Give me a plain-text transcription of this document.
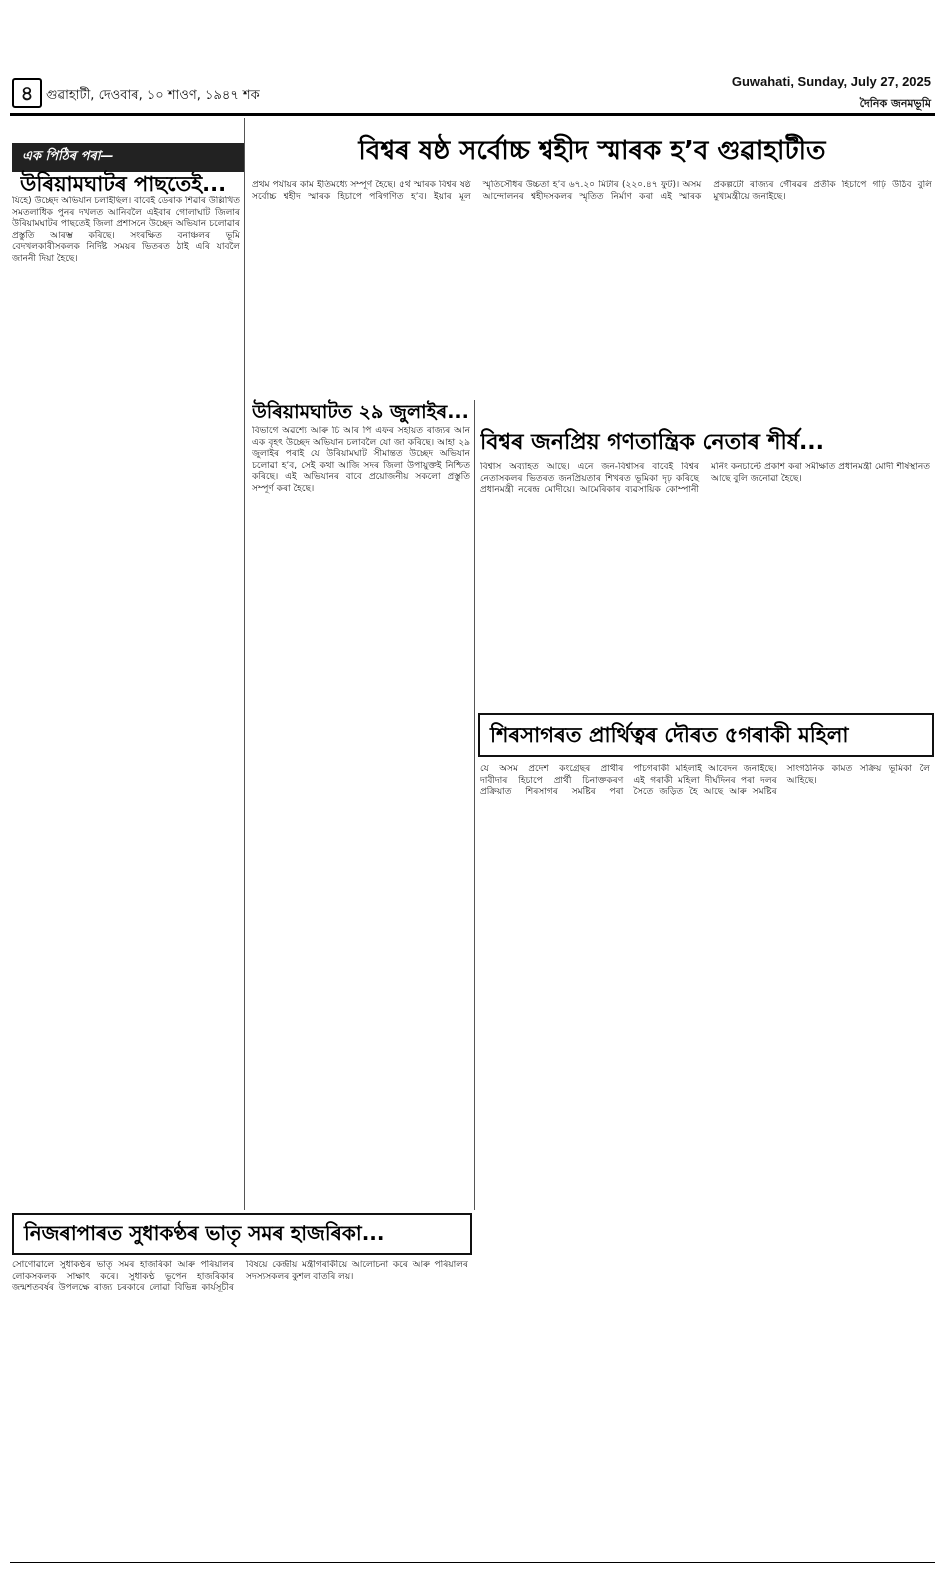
৪ গুৱাহাটী, দেওবাৰ, ১০ শাওণ, ১৯৪৭ শক
Guwahati, Sunday, July 27, 2025
দৈনিক জনমভূমি
এক পিঠিৰ পৰা—
উৰিয়ামঘাটৰ পাছতেই...

যিহে) উচ্ছেদ অভিযান চলাইছিল। বাবেই ডেৰাক শিৱাৰ উল্লিখিত সমতলাধিক পুনৰ দখলত আনিবলৈ এইবাৰ গোলাঘাট জিলাৰ উৰিয়ামঘাটৰ পাছতেই জিলা প্ৰশাসনে উচ্ছেদ অভিযান চলোৱাৰ প্ৰস্তুতি আৰম্ভ কৰিছে। সংৰক্ষিত বনাঞ্চলৰ ভূমি বেদখলকাৰীসকলক নিৰ্দিষ্ট সময়ৰ ভিতৰত ঠাই এৰি যাবলৈ জাননী দিয়া হৈছে।

বিশ্বৰ ষষ্ঠ সৰ্বোচ্চ শ্বহীদ স্মাৰক হ’ব গুৱাহাটীত

প্ৰথম পৰ্যায়ৰ কাম ইতিমধ্যে সম্পূৰ্ণ হৈছে। ৫ৰ্থ স্মাৰক বিশ্বৰ ষষ্ঠ সৰ্বোচ্চ শ্বহীদ স্মাৰক হিচাপে পৰিগণিত হ’ব। ইয়াৰ মূল স্মৃতিসৌধৰ উচ্চতা হ’ব ৬৭.২০ মিটাৰ (২২০.৪৭ ফুট)। অসম আন্দোলনৰ শ্বহীদসকলৰ স্মৃতিত নিৰ্মাণ কৰা এই স্মাৰক প্ৰকল্পটো ৰাজ্যৰ গৌৰৱৰ প্ৰতীক হিচাপে গঢ়ি উঠিব বুলি মুখ্যমন্ত্ৰীয়ে জনাইছে।

উৰিয়ামঘাটত ২৯ জুলাইৰ...

বিভাগে অৱশ্যে আৰু চি আৰ পি এফৰ সহায়ত ৰাজ্যৰ আন এক বৃহৎ উচ্ছেদ অভিযান চলাবলৈ যো জা কৰিছে। আহা ২৯ জুলাইৰ পৰাই যে উৰিয়ামঘাট সীমান্তত উচ্ছেদ অভিযান চলোৱা হ’ব, সেই কথা আজি সদৰ জিলা উপায়ুক্তই নিশ্চিত কৰিছে। এই অভিযানৰ বাবে প্ৰয়োজনীয় সকলো প্ৰস্তুতি সম্পূৰ্ণ কৰা হৈছে।

বিশ্বৰ জনপ্ৰিয় গণতান্ত্ৰিক নেতাৰ শীৰ্ষ...

বিশ্বাস অব্যাহত আছে। এনে জন-বিশ্বাসৰ বাবেই বিশ্বৰ নেতাসকলৰ ভিতৰত জনপ্ৰিয়তাৰ শিখৰত ভূমিকা দৃঢ় কৰিছে প্ৰধানমন্ত্ৰী নৰেন্দ্ৰ মোদীয়ে। আমেৰিকাৰ ব্যৱসায়িক কোম্পানী মৰ্নিং কনচাল্টে প্ৰকাশ কৰা সমীক্ষাত প্ৰধানমন্ত্ৰী মোদী শীৰ্ষস্থানত আছে বুলি জনোৱা হৈছে।

শিৰসাগৰত প্ৰাৰ্থিত্বৰ দৌৰত ৫গৰাকী মহিলা

যে অসম প্ৰদেশ কংগ্ৰেছৰ প্ৰাৰ্থীৰ দাবীদাৰ হিচাপে প্ৰাৰ্থী চিনাক্তকৰণ প্ৰক্ৰিয়াত শিৰসাগৰ সমষ্টিৰ পৰা পাঁচগৰাকী মহিলাই আবেদন জনাইছে। এই গৰাকী মহিলা দীৰ্ঘদিনৰ পৰা দলৰ সৈতে জড়িত হৈ আছে আৰু সমষ্টিৰ সাংগঠনিক কামত সক্ৰিয় ভূমিকা লৈ আহিছে।

নিজৰাপাৰত সুধাকণ্ঠৰ ভাতৃ সমৰ হাজৰিকা...

সোণোৱালে সুধাকণ্ঠৰ ভাতৃ সমৰ হাজৰিকা আৰু পৰিয়ালৰ লোকসকলক সাক্ষাৎ কৰে। সুধাকণ্ঠ ভূপেন হাজৰিকাৰ জন্মশতবৰ্ষৰ উপলক্ষে ৰাজ্য চৰকাৰে লোৱা বিভিন্ন কাৰ্যসূচীৰ বিষয়ে কেন্দ্ৰীয় মন্ত্ৰীগৰাকীয়ে আলোচনা কৰে আৰু পৰিয়ালৰ সদস্যসকলৰ কুশল বাতৰি লয়।
